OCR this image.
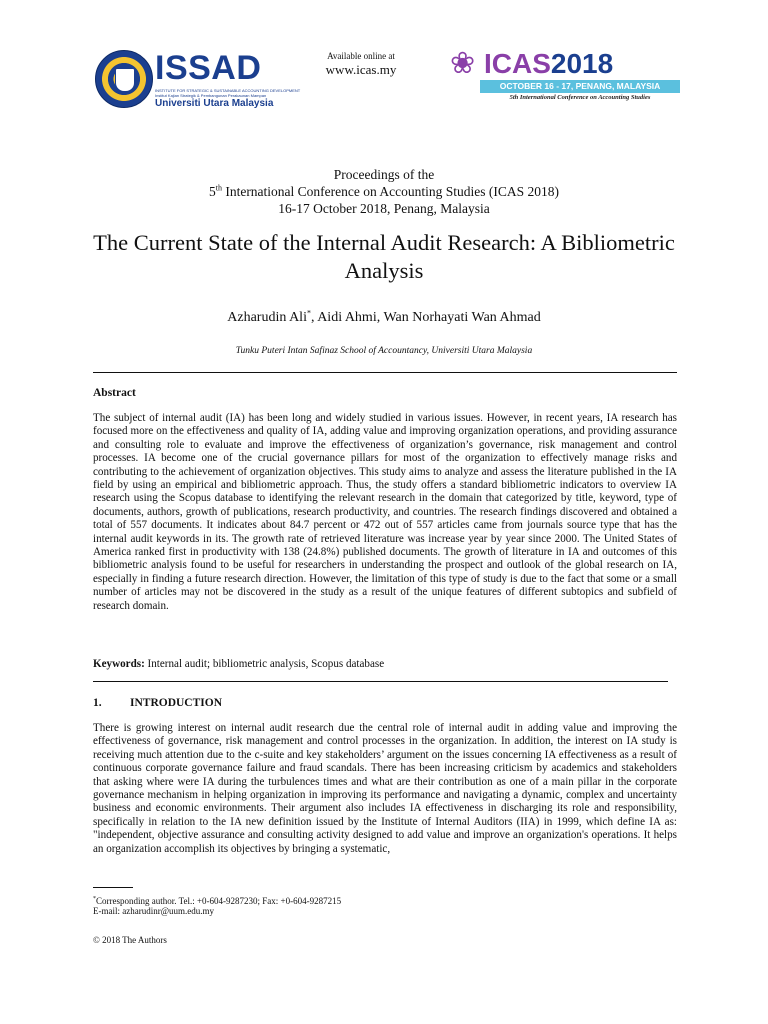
ISSAD
INSTITUTE FOR STRATEGIC & SUSTAINABLE ACCOUNTING DEVELOPMENT
Institut Kajian Strategik & Pembangunan Perakaunan Mampan
Universiti Utara Malaysia
Available online at
www.icas.my	❀ ICAS2018
OCTOBER 16 - 17, PENANG, MALAYSIA
5th International Conference on Accounting Studies
Proceedings of the
5th International Conference on Accounting Studies (ICAS 2018)
16-17 October 2018, Penang, Malaysia
The Current State of the Internal Audit Research: A Bibliometric Analysis
Azharudin Ali*, Aidi Ahmi, Wan Norhayati Wan Ahmad
Tunku Puteri Intan Safinaz School of Accountancy, Universiti Utara Malaysia
Abstract
The subject of internal audit (IA) has been long and widely studied in various issues. However, in recent years, IA research has focused more on the effectiveness and quality of IA, adding value and improving organization operations, and providing assurance and consulting role to evaluate and improve the effectiveness of organization’s governance, risk management and control processes. IA become one of the crucial governance pillars for most of the organization to effectively manage risks and contributing to the achievement of organization objectives. This study aims to analyze and assess the literature published in the IA field by using an empirical and bibliometric approach. Thus, the study offers a standard bibliometric indicators to overview IA research using the Scopus database to identifying the relevant research in the domain that categorized by title, keyword, type of documents, authors, growth of publications, research productivity, and countries. The research findings discovered and obtained a total of 557 documents. It indicates about 84.7 percent or 472 out of 557 articles came from journals source type that has the internal audit keywords in its. The growth rate of retrieved literature was increase year by year since 2000. The United States of America ranked first in productivity with 138 (24.8%) published documents. The growth of literature in IA and outcomes of this bibliometric analysis found to be useful for researchers in understanding the prospect and outlook of the global research on IA, especially in finding a future research direction. However, the limitation of this type of study is due to the fact that some or a small number of articles may not be discovered in the study as a result of the unique features of different subtopics and subfield of research domain.
Keywords: Internal audit; bibliometric analysis, Scopus database
1. INTRODUCTION
There is growing interest on internal audit research due the central role of internal audit in adding value and improving the effectiveness of governance, risk management and control processes in the organization. In addition, the interest on IA study is receiving much attention due to the c-suite and key stakeholders’ argument on the issues concerning IA effectiveness as a result of continuous corporate governance failure and fraud scandals. There has been increasing criticism by academics and stakeholders that asking where were IA during the turbulences times and what are their contribution as one of a main pillar in the corporate governance mechanism in helping organization in improving its performance and navigating a dynamic, complex and uncertainty business and economic environments. Their argument also includes IA effectiveness in discharging its role and responsibility, specifically in relation to the IA new definition issued by the Institute of Internal Auditors (IIA) in 1999, which define IA as: "independent, objective assurance and consulting activity designed to add value and improve an organization's operations. It helps an organization accomplish its objectives by bringing a systematic,
*Corresponding author. Tel.: +0-604-9287230; Fax: +0-604-9287215
E-mail: azharudinr@uum.edu.my
© 2018 The Authors
